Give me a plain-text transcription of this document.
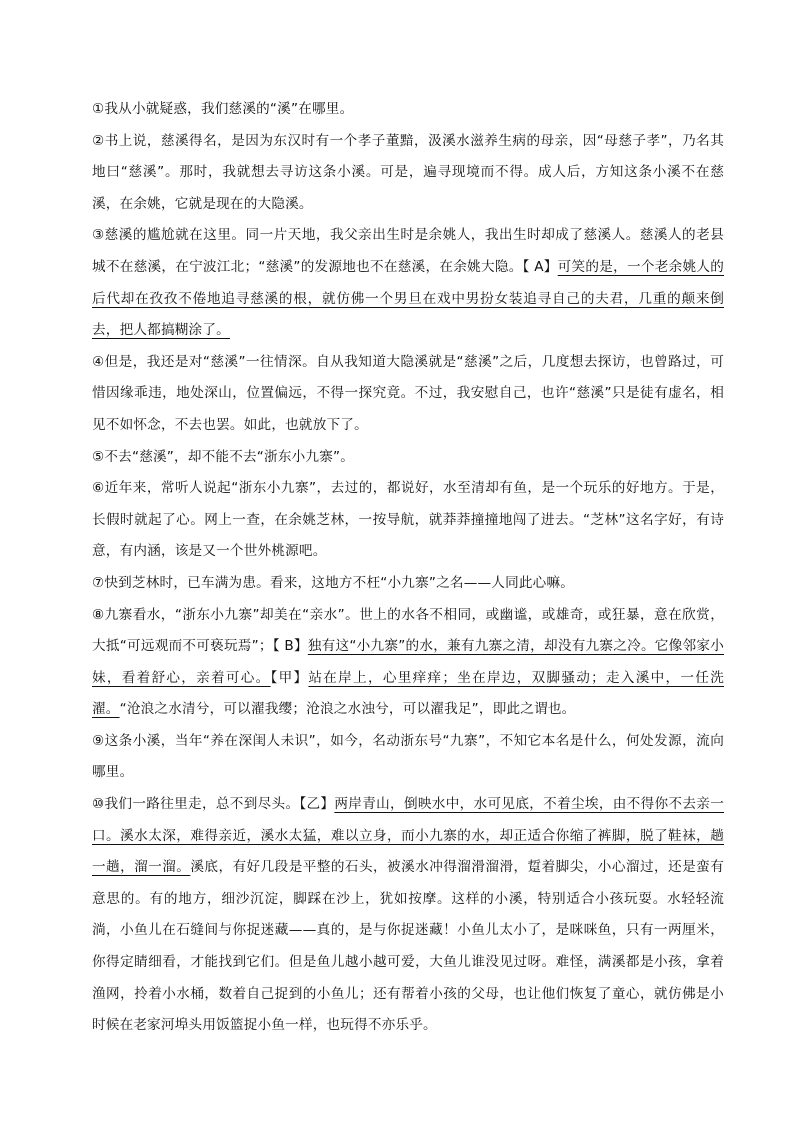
①我从小就疑惑，我们慈溪的“溪”在哪里。

②书上说，慈溪得名，是因为东汉时有一个孝子董黯，汲溪水滋养生病的母亲，因“母慈子孝”，乃名其地曰“慈溪”。那时，我就想去寻访这条小溪。可是，遍寻现境而不得。成人后，方知这条小溪不在慈溪，在余姚，它就是现在的大隐溪。

③慈溪的尴尬就在这里。同一片天地，我父亲出生时是余姚人，我出生时却成了慈溪人。慈溪人的老县城不在慈溪，在宁波江北；“慈溪”的发源地也不在慈溪，在余姚大隐。【 A】可笑的是，一个老余姚人的后代却在孜孜不倦地追寻慈溪的根，就仿佛一个男旦在戏中男扮女装追寻自己的夫君，几重的颠来倒去，把人都搞糊涂了。

④但是，我还是对“慈溪”一往情深。自从我知道大隐溪就是“慈溪”之后，几度想去探访，也曾路过，可惜因缘乖违，地处深山，位置偏远，不得一探究竟。不过，我安慰自己，也许“慈溪”只是徒有虚名，相见不如怀念，不去也罢。如此，也就放下了。

⑤不去“慈溪”，却不能不去“浙东小九寨”。

⑥近年来，常听人说起“浙东小九寨”，去过的，都说好，水至清却有鱼，是一个玩乐的好地方。于是，长假时就起了心。网上一查，在余姚芝林，一按导航，就莽莽撞撞地闯了进去。“芝林”这名字好，有诗意，有内涵，该是又一个世外桃源吧。

⑦快到芝林时，已车满为患。看来，这地方不枉“小九寨”之名——人同此心嘛。

⑧九寨看水，“浙东小九寨”却美在“亲水”。世上的水各不相同，或幽谧，或雄奇，或狂暴，意在欣赏，大抵“可远观而不可亵玩焉”；【 B】独有这“小九寨”的水，兼有九寨之清，却没有九寨之冷。它像邻家小妹，看着舒心，亲着可心。【甲】站在岸上，心里痒痒；坐在岸边，双脚骚动；走入溪中，一任洗濯。“沧浪之水清兮，可以濯我缨；沧浪之水浊兮，可以濯我足”，即此之谓也。

⑨这条小溪，当年“养在深闺人未识”，如今，名动浙东号“九寨”，不知它本名是什么，何处发源，流向哪里。

⑩我们一路往里走，总不到尽头。【乙】两岸青山，倒映水中，水可见底，不着尘埃，由不得你不去亲一口。溪水太深，难得亲近，溪水太猛，难以立身，而小九寨的水，却正适合你缩了裤脚，脱了鞋袜，趟一趟，溜一溜。溪底，有好几段是平整的石头，被溪水冲得溜滑溜滑，踅着脚尖，小心溜过，还是蛮有意思的。有的地方，细沙沉淀，脚踩在沙上，犹如按摩。这样的小溪，特别适合小孩玩耍。水轻轻流淌，小鱼儿在石缝间与你捉迷藏——真的，是与你捉迷藏！小鱼儿太小了，是咪咪鱼，只有一两厘米，你得定睛细看，才能找到它们。但是鱼儿越小越可爱，大鱼儿谁没见过呀。难怪，满溪都是小孩，拿着渔网，拎着小水桶，数着自己捉到的小鱼儿；还有帮着小孩的父母，也让他们恢复了童心，就仿佛是小时候在老家河埠头用饭篮捉小鱼一样，也玩得不亦乐乎。
